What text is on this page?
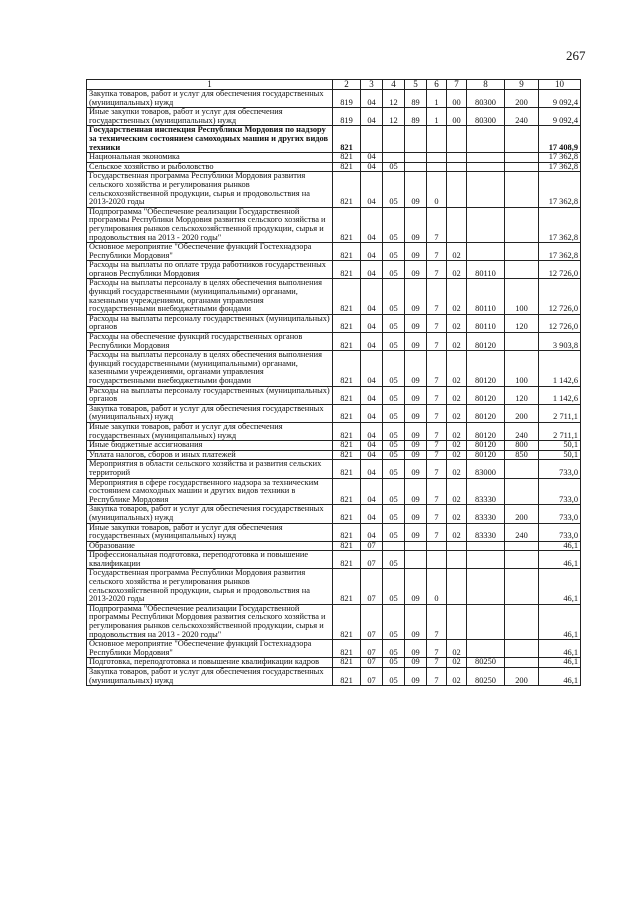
267
1	2	3	4	5	6	7	8	9	10
Закупка товаров, работ и услуг для обеспечения государственных (муниципальных) нужд	819	04	12	89	1	00	80300	200	9 092,4
Иные закупки товаров, работ и услуг для обеспечения государственных (муниципальных) нужд	819	04	12	89	1	00	80300	240	9 092,4
Государственная инспекция Республики Мордовия по надзору за техническим состоянием самоходных машин и других видов техники	821								17 408,9
Национальная экономика	821	04							17 362,8
Сельское хозяйство и рыболовство	821	04	05						17 362,8
Государственная программа Республики Мордовия развития сельского хозяйства и регулирования рынков сельскохозяйственной продукции, сырья и продовольствия на 2013-2020 годы	821	04	05	09	0				17 362,8
Подпрограмма "Обеспечение реализации Государственной программы Республики Мордовия развития сельского хозяйства и регулирования рынков сельскохозяйственной продукции, сырья и продовольствия на 2013 - 2020 годы"	821	04	05	09	7				17 362,8
Основное мероприятие "Обеспечение функций Гостехнадзора Республики Мордовия"	821	04	05	09	7	02			17 362,8
Расходы на выплаты по оплате труда работников государственных органов Республики Мордовия	821	04	05	09	7	02	80110		12 726,0
Расходы на выплаты персоналу в целях обеспечения выполнения функций государственными (муниципальными) органами, казенными учреждениями, органами управления государственными внебюджетными фондами	821	04	05	09	7	02	80110	100	12 726,0
Расходы на выплаты персоналу государственных (муниципальных) органов	821	04	05	09	7	02	80110	120	12 726,0
Расходы на обеспечение функций государственных органов Республики Мордовия	821	04	05	09	7	02	80120		3 903,8
Расходы на выплаты персоналу в целях обеспечения выполнения функций государственными (муниципальными) органами, казенными учреждениями, органами управления государственными внебюджетными фондами	821	04	05	09	7	02	80120	100	1 142,6
Расходы на выплаты персоналу государственных (муниципальных) органов	821	04	05	09	7	02	80120	120	1 142,6
Закупка товаров, работ и услуг для обеспечения государственных (муниципальных) нужд	821	04	05	09	7	02	80120	200	2 711,1
Иные закупки товаров, работ и услуг для обеспечения государственных (муниципальных) нужд	821	04	05	09	7	02	80120	240	2 711,1
Иные бюджетные ассигнования	821	04	05	09	7	02	80120	800	50,1
Уплата налогов, сборов и иных платежей	821	04	05	09	7	02	80120	850	50,1
Мероприятия в области сельского хозяйства и развития сельских территорий	821	04	05	09	7	02	83000		733,0
Мероприятия в сфере государственного надзора за техническим состоянием самоходных машин и других видов техники в Республике Мордовия	821	04	05	09	7	02	83330		733,0
Закупка товаров, работ и услуг для обеспечения государственных (муниципальных) нужд	821	04	05	09	7	02	83330	200	733,0
Иные закупки товаров, работ и услуг для обеспечения государственных (муниципальных) нужд	821	04	05	09	7	02	83330	240	733,0
Образование	821	07							46,1
Профессиональная подготовка, переподготовка и повышение квалификации	821	07	05						46,1
Государственная программа Республики Мордовия развития сельского хозяйства и регулирования рынков сельскохозяйственной продукции, сырья и продовольствия на 2013-2020 годы	821	07	05	09	0				46,1
Подпрограмма "Обеспечение реализации Государственной программы Республики Мордовия развития сельского хозяйства и регулирования рынков сельскохозяйственной продукции, сырья и продовольствия на 2013 - 2020 годы"	821	07	05	09	7				46,1
Основное мероприятие "Обеспечение функций Гостехнадзора Республики Мордовия"	821	07	05	09	7	02			46,1
Подготовка, переподготовка и повышение квалификации кадров	821	07	05	09	7	02	80250		46,1
Закупка товаров, работ и услуг для обеспечения государственных (муниципальных) нужд	821	07	05	09	7	02	80250	200	46,1
